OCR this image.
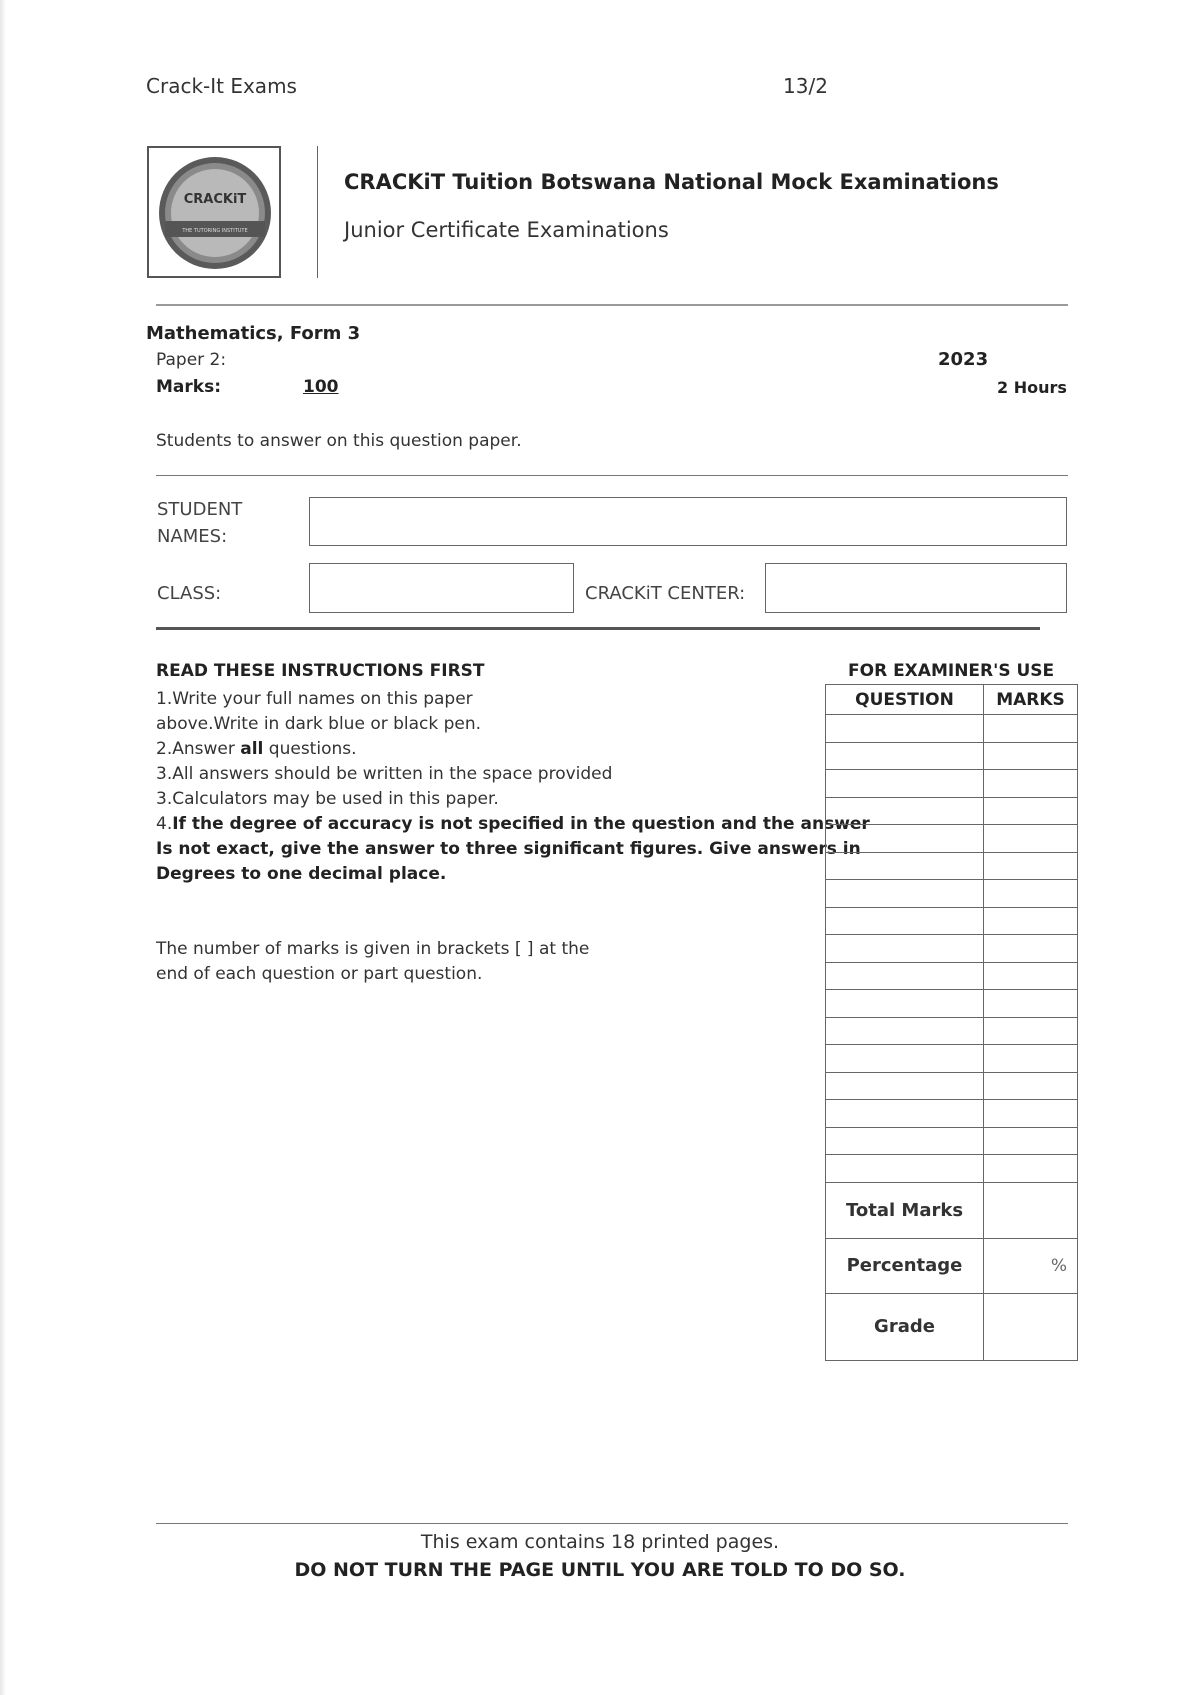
Crack-It Exams	13/2
CRACKiT
THE TUTORING INSTITUTE
CRACKiT Tuition Botswana National Mock Examinations
Junior Certificate Examinations
Mathematics, Form 3
Paper 2:
Marks:	100
2023
2 Hours
Students to answer on this question paper.
STUDENT
NAMES:
CLASS:	CRACKiT CENTER:
READ THESE INSTRUCTIONS FIRST
1.Write your full names on this paper
above.Write in dark blue or black pen.
2.Answer all questions.
3.All answers should be written in the space provided
3.Calculators may be used in this paper.
4.If the degree of accuracy is not specified in the question and the answer
Is not exact, give the answer to three significant figures. Give answers in
Degrees to one decimal place.
The number of marks is given in brackets [ ] at the
end of each question or part question.
FOR EXAMINER'S USE
QUESTION	MARKS

Total Marks	
Percentage	%
Grade	
This exam contains 18 printed pages.
DO NOT TURN THE PAGE UNTIL YOU ARE TOLD TO DO SO.
